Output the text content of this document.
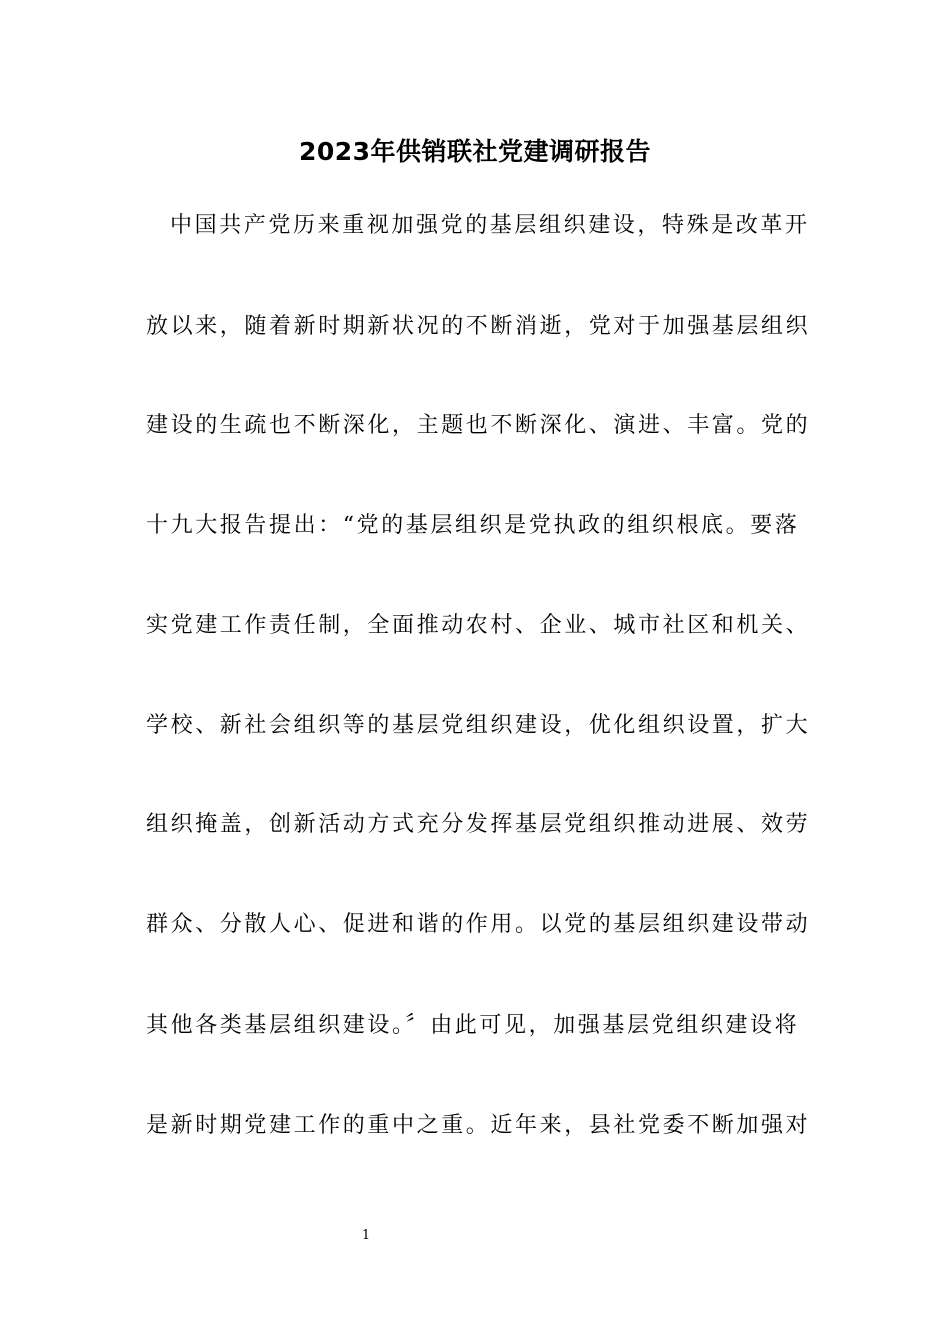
2023年供销联社党建调研报告
中国共产党历来重视加强党的基层组织建设，特殊是改革开
放以来，随着新时期新状况的不断消逝，党对于加强基层组织
建设的生疏也不断深化，主题也不断深化、演进、丰富。党的
十九大报告提出：“党的基层组织是党执政的组织根底。要落
实党建工作责任制，全面推动农村、企业、城市社区和机关、
学校、新社会组织等的基层党组织建设，优化组织设置，扩大
组织掩盖，创新活动方式充分发挥基层党组织推动进展、效劳
群众、分散人心、促进和谐的作用。以党的基层组织建设带动
其他各类基层组织建设。〞由此可见，加强基层党组织建设将
是新时期党建工作的重中之重。近年来，县社党委不断加强对
1
